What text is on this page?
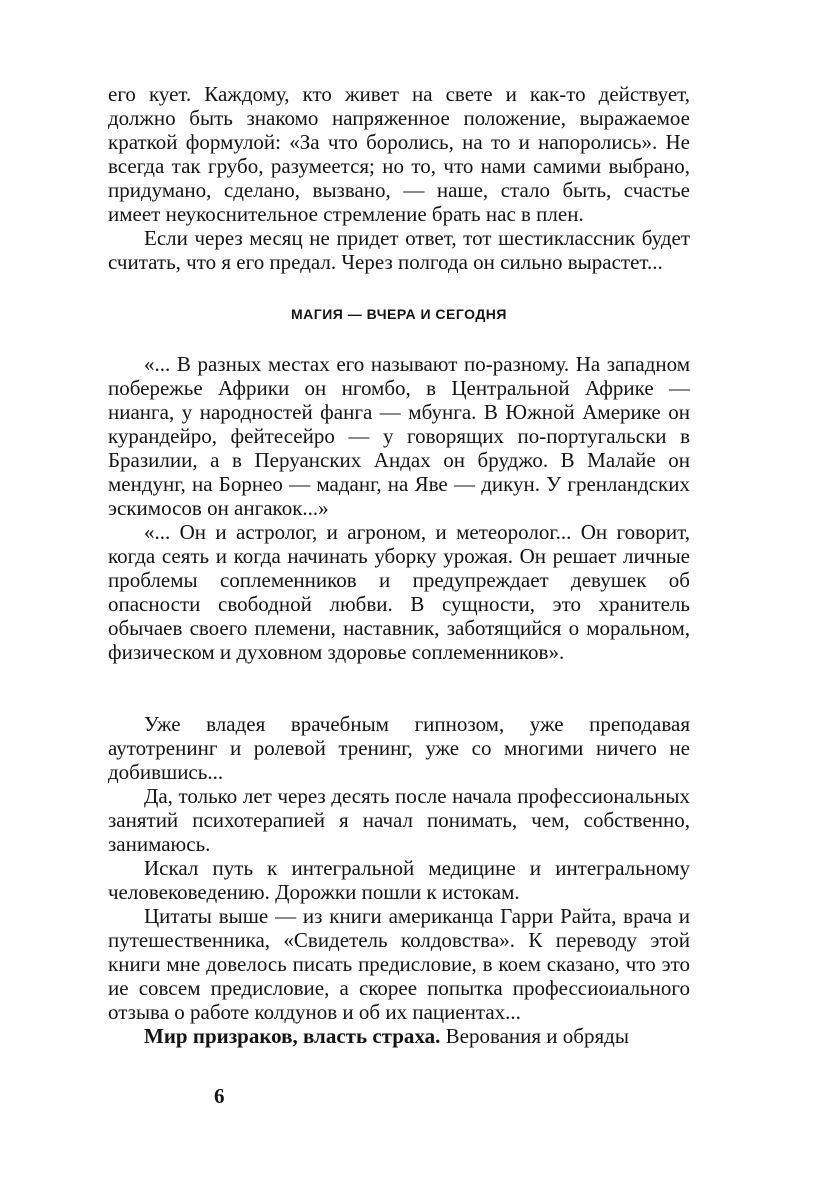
его кует. Каждому, кто живет на свете и как-то действует, должно быть знакомо напряженное положение, выражаемое краткой формулой: «За что боролись, на то и напоролись». Не всегда так грубо, разумеется; но то, что нами самими выбрано, придумано, сделано, вызвано, — наше, стало быть, счастье имеет неукоснительное стремление брать нас в плен.

Если через месяц не придет ответ, тот шестиклассник будет считать, что я его предал. Через полгода он сильно вырастет...

МАГИЯ — ВЧЕРА И СЕГОДНЯ

«... В разных местах его называют по-разному. На западном побережье Африки он нгомбо, в Центральной Африке — нианга, у народностей фанга — мбунга. В Южной Америке он курандейро, фейтесейро — у говорящих по-португальски в Бразилии, а в Перуанских Андах он бруджо. В Малайе он мендунг, на Борнео — маданг, на Яве — дикун. У гренландских эскимосов он ангакок...»

«... Он и астролог, и агроном, и метеоролог... Он говорит, когда сеять и когда начинать уборку урожая. Он решает личные проблемы соплеменников и предупреждает девушек об опасности свободной любви. В сущности, это хранитель обычаев своего племени, наставник, заботящийся о моральном, физическом и духовном здоровье соплеменников».

Уже владея врачебным гипнозом, уже преподавая аутотренинг и ролевой тренинг, уже со многими ничего не добившись...

Да, только лет через десять после начала профессиональных занятий психотерапией я начал понимать, чем, собственно, занимаюсь.

Искал путь к интегральной медицине и интегральному человековедению. Дорожки пошли к истокам.

Цитаты выше — из книги американца Гарри Райта, врача и путешественника, «Свидетель колдовства». К переводу этой книги мне довелось писать предисловие, в коем сказано, что это ие совсем предисловие, а скорее попытка профессиоиального отзыва о работе колдунов и об их пациентах...

Мир призраков, власть страха. Верования и обряды

6
